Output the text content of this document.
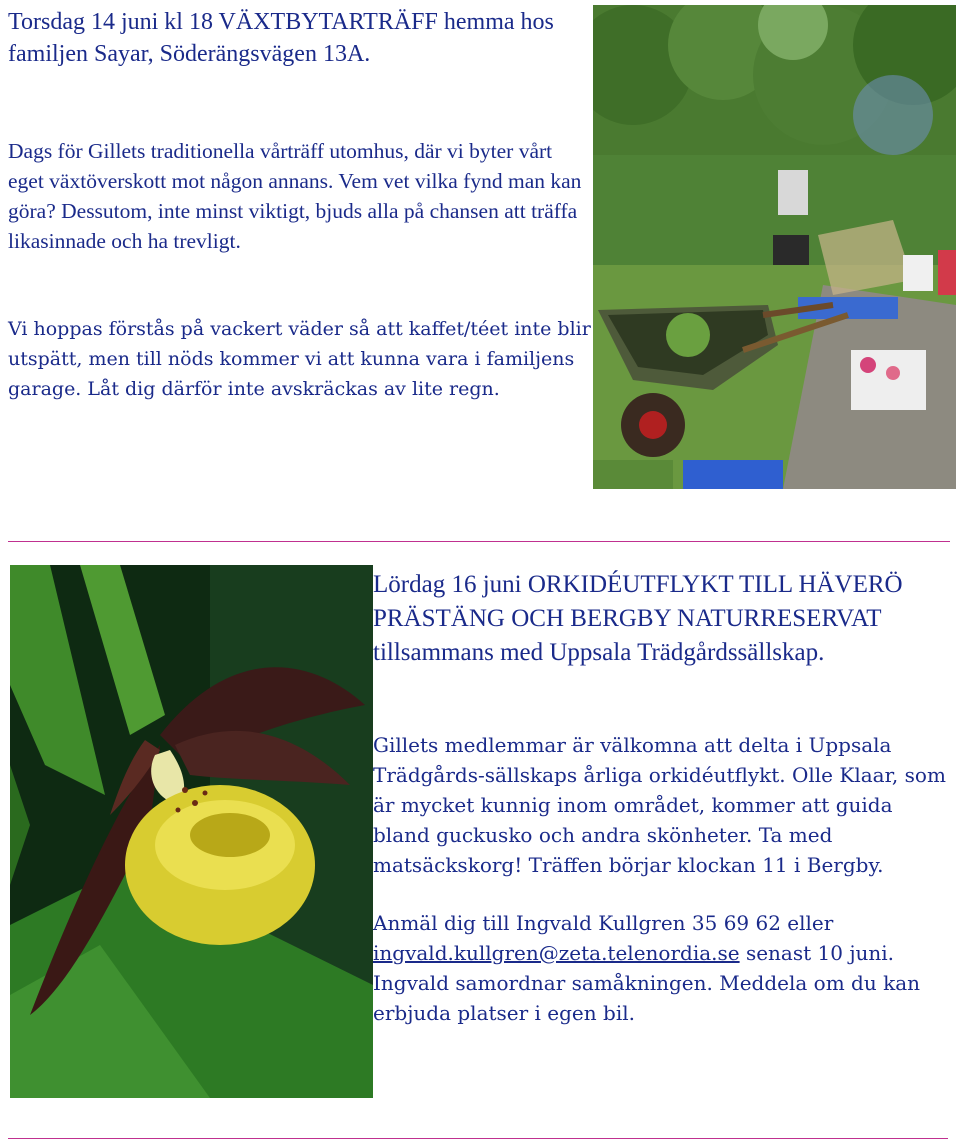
Torsdag 14 juni kl 18 VÄXTBYTARTRÄFF hemma hos familjen Sayar, Söderängsvägen 13A.

Dags för Gillets traditionella vårträff utomhus, där vi byter vårt eget växtöverskott mot någon annans. Vem vet vilka fynd man kan göra? Dessutom, inte minst viktigt, bjuds alla på chansen att träffa likasinnade och ha trevligt.

Vi hoppas förstås på vackert väder så att kaffet/téet inte blir utspätt, men till nöds kommer vi att kunna vara i familjens garage. Låt dig därför inte avskräckas av lite regn.

Lördag 16 juni ORKIDÉUTFLYKT TILL HÄVERÖ PRÄSTÄNG OCH BERGBY NATURRESERVAT
tillsammans med Uppsala Trädgårdssällskap.

Gillets medlemmar är välkomna att delta i Uppsala Trädgårds-sällskaps årliga orkidéutflykt. Olle Klaar, som är mycket kunnig inom området, kommer att guida bland guckusko och andra skönheter. Ta med matsäckskorg! Träffen börjar klockan 11 i Bergby.

Anmäl dig till Ingvald Kullgren 35 69 62 eller ingvald.kullgren@zeta.telenordia.se senast 10 juni. Ingvald samordnar samåkningen. Meddela om du kan erbjuda platser i egen bil.
